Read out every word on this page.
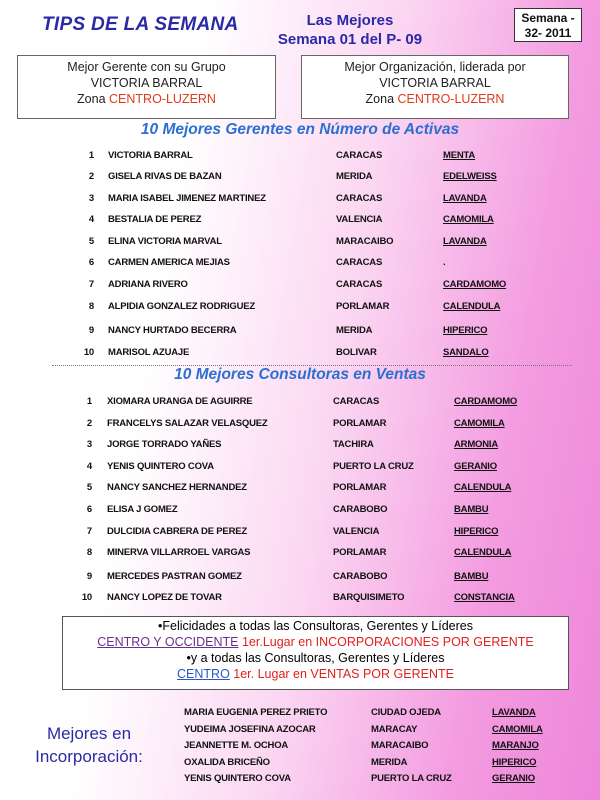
TIPS DE LA SEMANA	Las Mejores
Semana 01 del P- 09
Semana -
32- 2011
Mejor Gerente con su Grupo
VICTORIA BARRAL
Zona CENTRO-LUZERN
Mejor Organización, liderada por
VICTORIA BARRAL
Zona CENTRO-LUZERN
10 Mejores Gerentes en Número de Activas
1 VICTORIA BARRAL	CARACAS	MENTA
2 GISELA RIVAS DE BAZAN	MERIDA	EDELWEISS
3 MARIA ISABEL JIMENEZ MARTINEZ	CARACAS	LAVANDA
4 BESTALIA DE PEREZ	VALENCIA	CAMOMILA
5 ELINA VICTORIA MARVAL	MARACAIBO	LAVANDA
6 CARMEN AMERICA MEJIAS	CARACAS	.
7 ADRIANA RIVERO	CARACAS	CARDAMOMO
8 ALPIDIA GONZALEZ RODRIGUEZ	PORLAMAR	CALENDULA
9 NANCY HURTADO BECERRA	MERIDA	HIPERICO
10 MARISOL AZUAJE	BOLIVAR	SANDALO
10 Mejores Consultoras en Ventas
1 XIOMARA URANGA DE AGUIRRE	CARACAS	CARDAMOMO
2 FRANCELYS SALAZAR VELASQUEZ	PORLAMAR	CAMOMILA
3 JORGE TORRADO YAÑES	TACHIRA	ARMONIA
4 YENIS QUINTERO COVA	PUERTO LA CRUZ	GERANIO
5 NANCY SANCHEZ HERNANDEZ	PORLAMAR	CALENDULA
6 ELISA J GOMEZ	CARABOBO	BAMBU
7 DULCIDIA CABRERA DE PEREZ	VALENCIA	HIPERICO
8 MINERVA VILLARROEL VARGAS	PORLAMAR	CALENDULA
9 MERCEDES PASTRAN GOMEZ	CARABOBO	BAMBU
10 NANCY LOPEZ DE TOVAR	BARQUISIMETO	CONSTANCIA
•Felicidades a todas las Consultoras, Gerentes y Líderes
CENTRO Y OCCIDENTE 1er.Lugar en INCORPORACIONES POR GERENTE
•y a todas las Consultoras, Gerentes y Líderes
CENTRO 1er. Lugar en VENTAS POR GERENTE
Mejores en
Incorporación:
MARIA EUGENIA PEREZ PRIETO	CIUDAD OJEDA	LAVANDA
YUDEIMA JOSEFINA AZOCAR	MARACAY	CAMOMILA
JEANNETTE M. OCHOA	MARACAIBO	MARANJO
OXALIDA BRICEÑO	MERIDA	HIPERICO
YENIS QUINTERO COVA	PUERTO LA CRUZ	GERANIO
